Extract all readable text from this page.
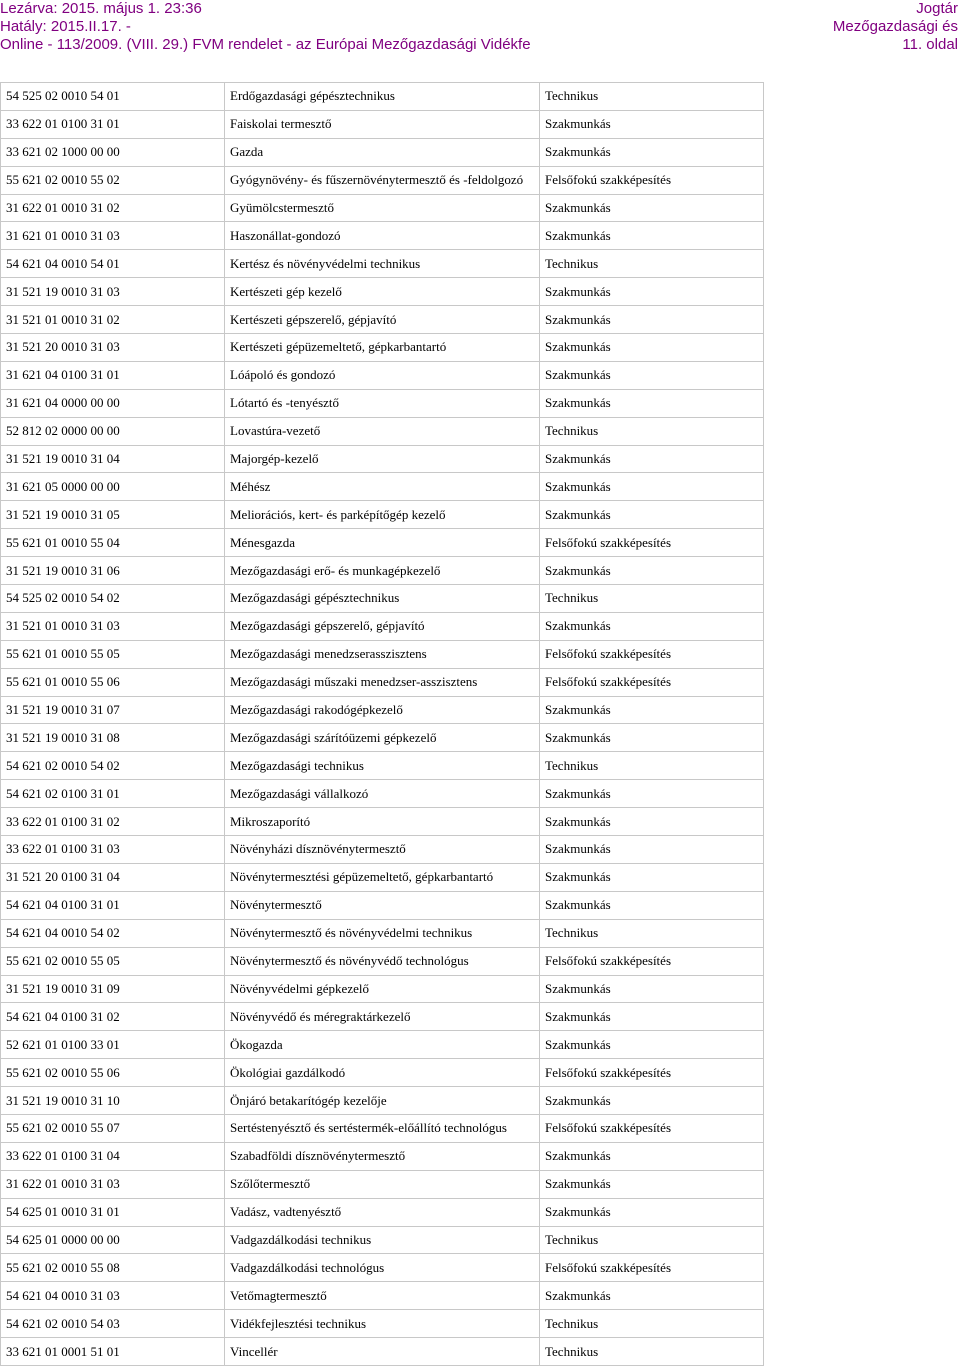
Lezárva: 2015. május 1. 23:36
Hatály: 2015.II.17. -
Online - 113/2009. (VIII. 29.) FVM rendelet - az Európai Mezőgazdasági Vidékfe
Jogtár
Mezőgazdasági és
11. oldal
54 525 02 0010 54 01	Erdőgazdasági gépésztechnikus	Technikus
33 622 01 0100 31 01	Faiskolai termesztő	Szakmunkás
33 621 02 1000 00 00	Gazda	Szakmunkás
55 621 02 0010 55 02	Gyógynövény- és fűszernövénytermesztő és -feldolgozó	Felsőfokú szakképesítés
31 622 01 0010 31 02	Gyümölcstermesztő	Szakmunkás
31 621 01 0010 31 03	Haszonállat-gondozó	Szakmunkás
54 621 04 0010 54 01	Kertész és növényvédelmi technikus	Technikus
31 521 19 0010 31 03	Kertészeti gép kezelő	Szakmunkás
31 521 01 0010 31 02	Kertészeti gépszerelő, gépjavító	Szakmunkás
31 521 20 0010 31 03	Kertészeti gépüzemeltető, gépkarbantartó	Szakmunkás
31 621 04 0100 31 01	Lóápoló és gondozó	Szakmunkás
31 621 04 0000 00 00	Lótartó és -tenyésztő	Szakmunkás
52 812 02 0000 00 00	Lovastúra-vezető	Technikus
31 521 19 0010 31 04	Majorgép-kezelő	Szakmunkás
31 621 05 0000 00 00	Méhész	Szakmunkás
31 521 19 0010 31 05	Meliorációs, kert- és parképítőgép kezelő	Szakmunkás
55 621 01 0010 55 04	Ménesgazda	Felsőfokú szakképesítés
31 521 19 0010 31 06	Mezőgazdasági erő- és munkagépkezelő	Szakmunkás
54 525 02 0010 54 02	Mezőgazdasági gépésztechnikus	Technikus
31 521 01 0010 31 03	Mezőgazdasági gépszerelő, gépjavító	Szakmunkás
55 621 01 0010 55 05	Mezőgazdasági menedzserasszisztens	Felsőfokú szakképesítés
55 621 01 0010 55 06	Mezőgazdasági műszaki menedzser-asszisztens	Felsőfokú szakképesítés
31 521 19 0010 31 07	Mezőgazdasági rakodógépkezelő	Szakmunkás
31 521 19 0010 31 08	Mezőgazdasági szárítóüzemi gépkezelő	Szakmunkás
54 621 02 0010 54 02	Mezőgazdasági technikus	Technikus
54 621 02 0100 31 01	Mezőgazdasági vállalkozó	Szakmunkás
33 622 01 0100 31 02	Mikroszaporító	Szakmunkás
33 622 01 0100 31 03	Növényházi dísznövénytermesztő	Szakmunkás
31 521 20 0100 31 04	Növénytermesztési gépüzemeltető, gépkarbantartó	Szakmunkás
54 621 04 0100 31 01	Növénytermesztő	Szakmunkás
54 621 04 0010 54 02	Növénytermesztő és növényvédelmi technikus	Technikus
55 621 02 0010 55 05	Növénytermesztő és növényvédő technológus	Felsőfokú szakképesítés
31 521 19 0010 31 09	Növényvédelmi gépkezelő	Szakmunkás
54 621 04 0100 31 02	Növényvédő és méregraktárkezelő	Szakmunkás
52 621 01 0100 33 01	Ökogazda	Szakmunkás
55 621 02 0010 55 06	Ökológiai gazdálkodó	Felsőfokú szakképesítés
31 521 19 0010 31 10	Önjáró betakarítógép kezelője	Szakmunkás
55 621 02 0010 55 07	Sertéstenyésztő és sertéstermék-előállító technológus	Felsőfokú szakképesítés
33 622 01 0100 31 04	Szabadföldi dísznövénytermesztő	Szakmunkás
31 622 01 0010 31 03	Szőlőtermesztő	Szakmunkás
54 625 01 0010 31 01	Vadász, vadtenyésztő	Szakmunkás
54 625 01 0000 00 00	Vadgazdálkodási technikus	Technikus
55 621 02 0010 55 08	Vadgazdálkodási technológus	Felsőfokú szakképesítés
54 621 04 0010 31 03	Vetőmagtermesztő	Szakmunkás
54 621 02 0010 54 03	Vidékfejlesztési technikus	Technikus
33 621 01 0001 51 01	Vincellér	Technikus
